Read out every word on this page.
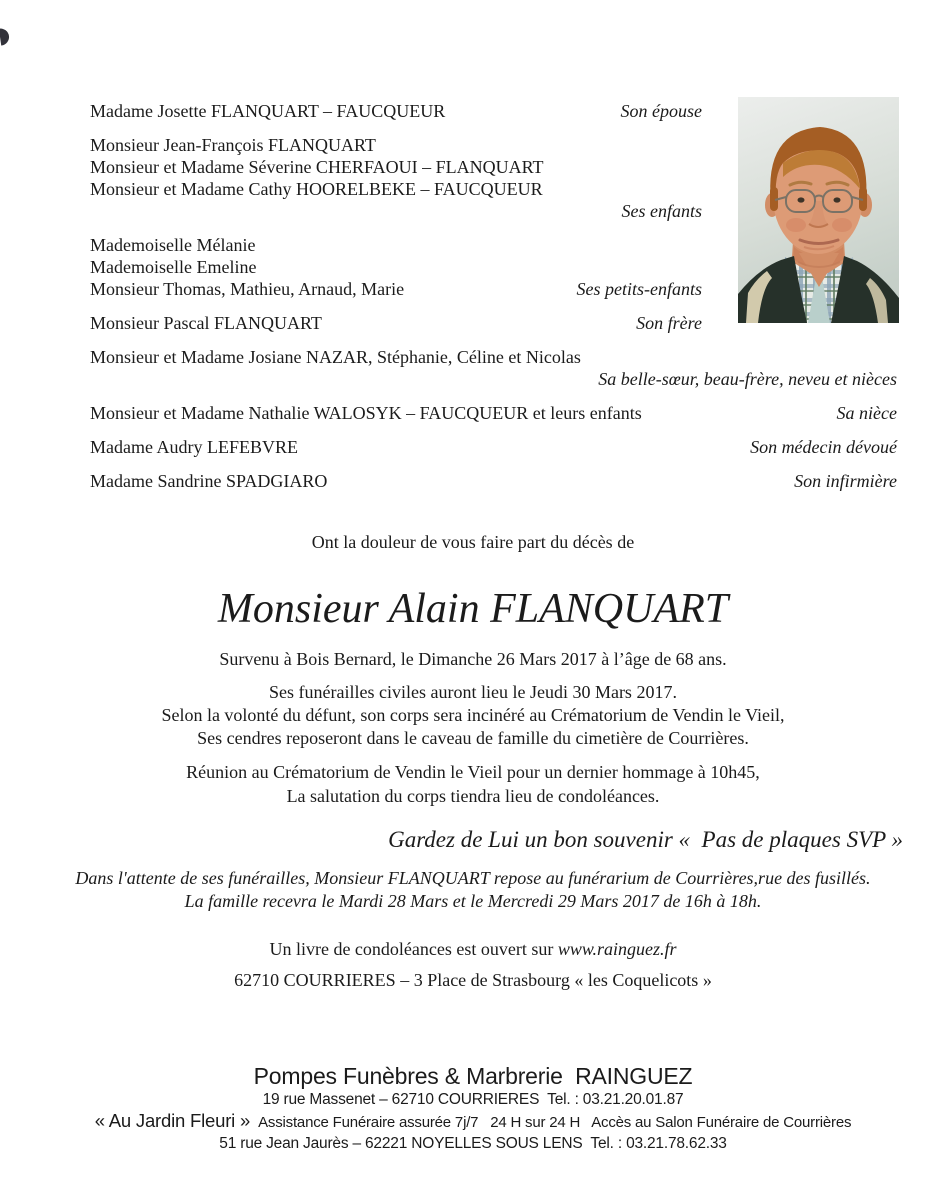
Madame Josette FLANQUART – FAUCQUEUR	Son épouse
Monsieur Jean-François FLANQUART
Monsieur et Madame Séverine CHERFAOUI – FLANQUART
Monsieur et Madame Cathy HOORELBEKE – FAUCQUEUR
Ses enfants
Mademoiselle Mélanie
Mademoiselle Emeline
Monsieur Thomas, Mathieu, Arnaud, Marie	Ses petits-enfants
Monsieur Pascal FLANQUART	Son frère
Monsieur et Madame Josiane NAZAR, Stéphanie, Céline et Nicolas
Sa belle-sœur, beau-frère, neveu et nièces
Monsieur et Madame Nathalie WALOSYK – FAUCQUEUR et leurs enfants	Sa nièce
Madame Audry LEFEBVRE	Son médecin dévoué
Madame Sandrine SPADGIARO	Son infirmière
Ont la douleur de vous faire part du décès de
Monsieur Alain FLANQUART
Survenu à Bois Bernard, le Dimanche 26 Mars 2017 à l’âge de 68 ans.
Ses funérailles civiles auront lieu le Jeudi 30 Mars 2017.
Selon la volonté du défunt, son corps sera incinéré au Crématorium de Vendin le Vieil,
Ses cendres reposeront dans le caveau de famille du cimetière de Courrières.
Réunion au Crématorium de Vendin le Vieil pour un dernier hommage à 10h45,
La salutation du corps tiendra lieu de condoléances.
Gardez de Lui un bon souvenir «  Pas de plaques SVP »
Dans l'attente de ses funérailles, Monsieur FLANQUART repose au funérarium de Courrières,rue des fusillés.
La famille recevra le Mardi 28 Mars et le Mercredi 29 Mars 2017 de 16h à 18h.
Un livre de condoléances est ouvert sur www.rainguez.fr
62710 COURRIERES – 3 Place de Strasbourg « les Coquelicots »
Pompes Funèbres & Marbrerie  RAINGUEZ
19 rue Massenet – 62710 COURRIERES  Tel. : 03.21.20.01.87
« Au Jardin Fleuri » Assistance Funéraire assurée 7j/7   24 H sur 24 H   Accès au Salon Funéraire de Courrières
51 rue Jean Jaurès – 62221 NOYELLES SOUS LENS  Tel. : 03.21.78.62.33
